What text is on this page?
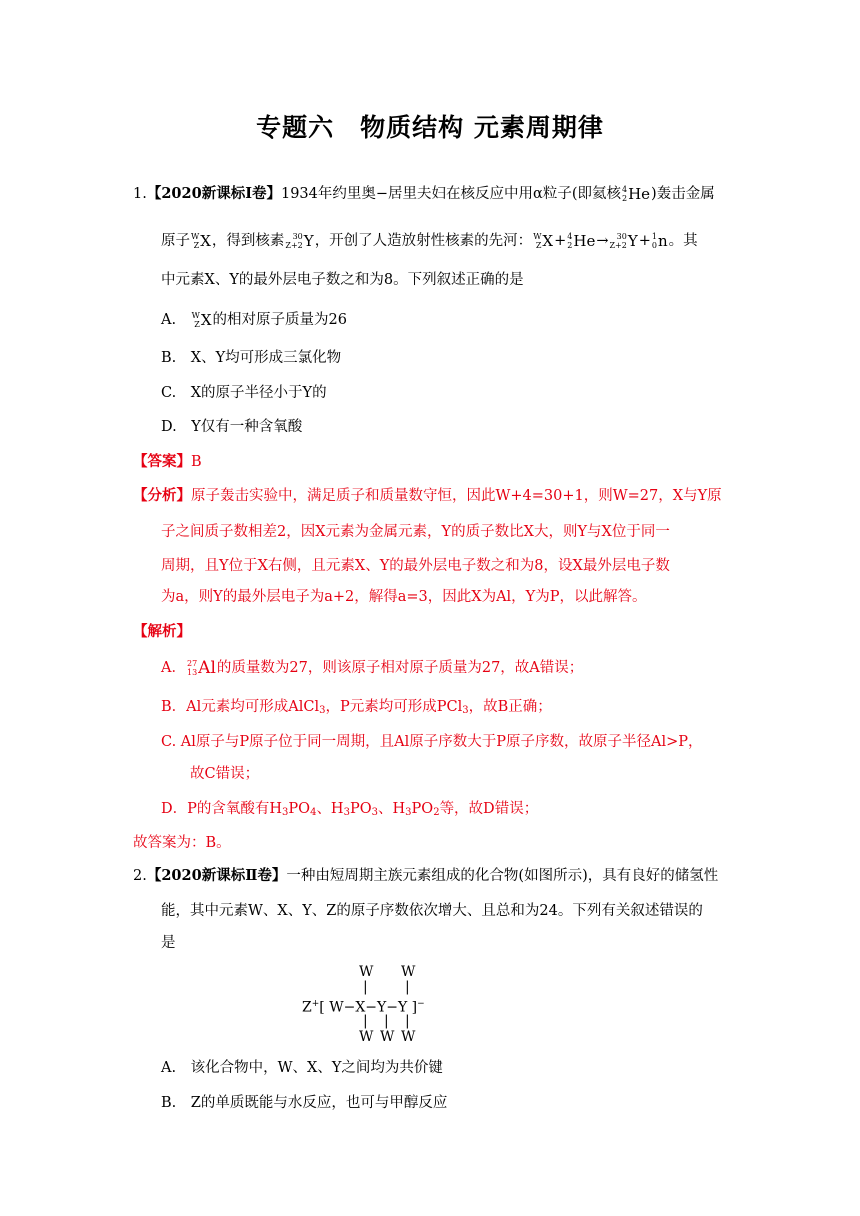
专题六　物质结构 元素周期律
1.【2020新课标Ⅰ卷】1934年约里奥−居里夫妇在核反应中用α粒子(即氦核 4
2 He )轰击金属
原子 W
Z X ，得到核素	30
Z+2 Y ，开创了人造放射性核素的先河： W
Z X + 4
2 He →	30
Z+2 Y + 1
0 n 。其
中元素X、Y的最外层电子数之和为8。下列叙述正确的是
A.　 W
Z X 的相对原子质量为26
B.　X、Y均可形成三氯化物
C.　X的原子半径小于Y的
D.　Y仅有一种含氧酸
【答案】B
【分析】原子轰击实验中，满足质子和质量数守恒，因此W+4=30+1，则W=27，X与Y原
子之间质子数相差2，因X元素为金属元素，Y的质子数比X大，则Y与X位于同一
周期，且Y位于X右侧，且元素X、Y的最外层电子数之和为8，设X最外层电子数
为a，则Y的最外层电子为a+2，解得a=3，因此X为Al，Y为P，以此解答。
【解析】
A． 27
13 Al 的质量数为27，则该原子相对原子质量为27，故A错误；
B．Al元素均可形成AlCl$_3$，P元素均可形成PCl$_3$，故B正确；
C. Al原子与P原子位于同一周期，且Al原子序数大于P原子序数，故原子半径Al>P，
故C错误；
D．P的含氧酸有$H_3PO_4$、$H_3PO_3$、$H_3PO_2$等，故D错误；
故答案为：B。
2.【2020新课标Ⅱ卷】一种由短周期主族元素组成的化合物(如图所示)，具有良好的储氢性
能，其中元素W、X、Y、Z的原子序数依次增大、且总和为24。下列有关叙述错误的
是
W W
|	|
Z+[ W−X−Y−Y ]−
| | |
W W W
A.　该化合物中，W、X、Y之间均为共价键
B.　Z的单质既能与水反应，也可与甲醇反应
